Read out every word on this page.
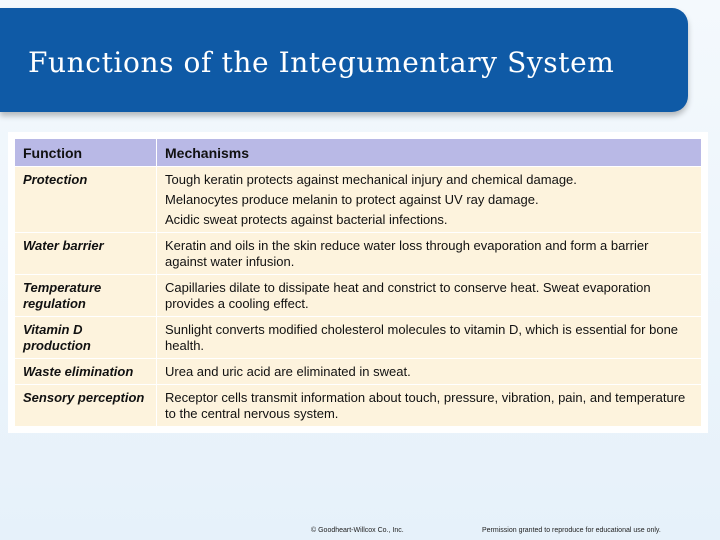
Functions of the Integumentary System
Function	Mechanisms
Protection	Tough keratin protects against mechanical injury and chemical damage.
Melanocytes produce melanin to protect against UV ray damage.
Acidic sweat protects against bacterial infections.

Water barrier	Keratin and oils in the skin reduce water loss through evaporation and form a barrier against water infusion.

Temperature regulation	Capillaries dilate to dissipate heat and constrict to conserve heat. Sweat evaporation provides a cooling effect.

Vitamin D production	Sunlight converts modified cholesterol molecules to vitamin D, which is essential for bone health.

Waste elimination	Urea and uric acid are eliminated in sweat.

Sensory perception	Receptor cells transmit information about touch, pressure, vibration, pain, and temperature to the central nervous system.
© Goodheart-Willcox Co., Inc.	Permission granted to reproduce for educational use only.
